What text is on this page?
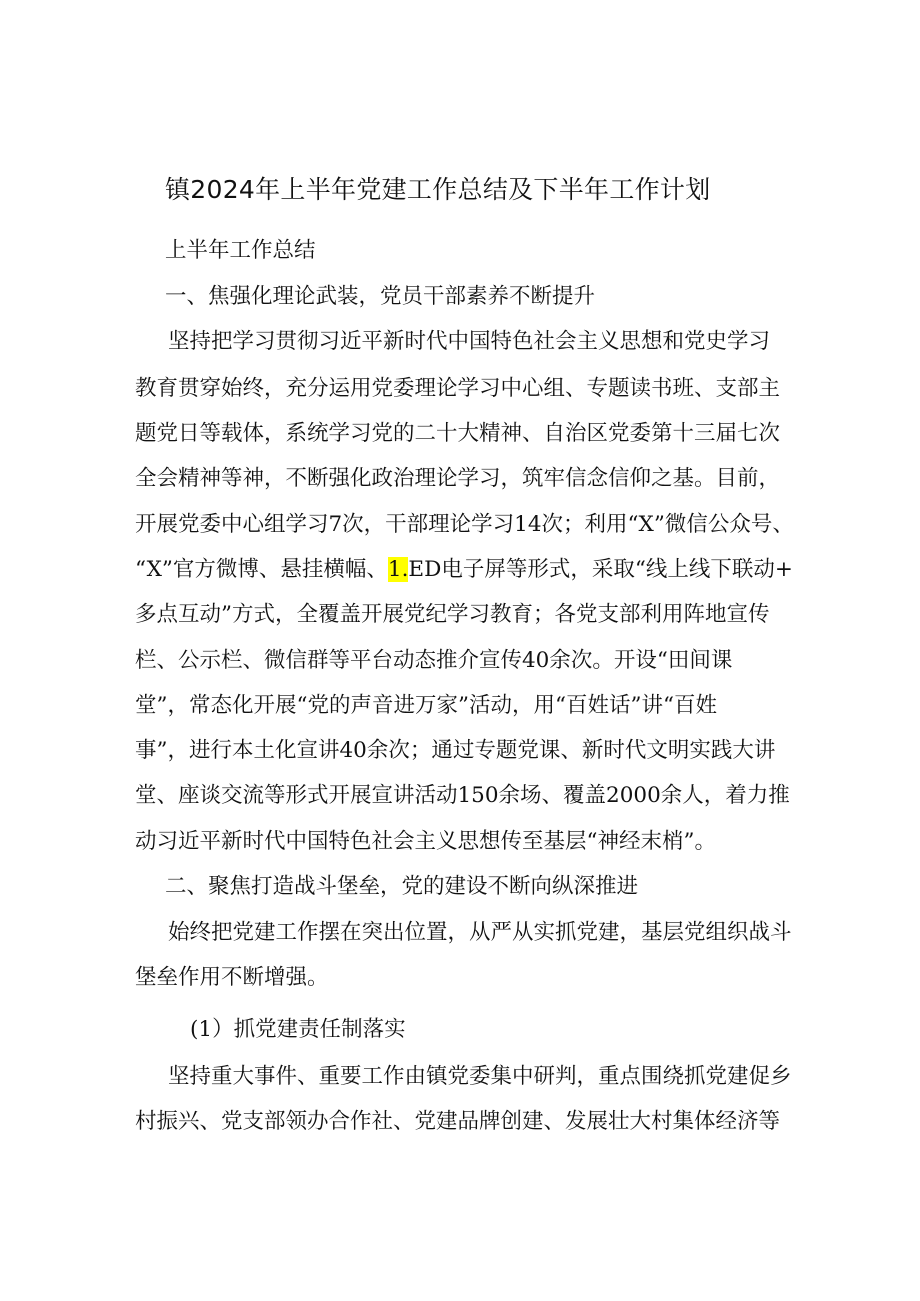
镇2024年上半年党建工作总结及下半年工作计划
上半年工作总结
一、焦强化理论武装，党员干部素养不断提升
坚持把学习贯彻习近平新时代中国特色社会主义思想和党史学习
教育贯穿始终，充分运用党委理论学习中心组、专题读书班、支部主
题党日等载体，系统学习党的二十大精神、自治区党委第十三届七次
全会精神等神，不断强化政治理论学习，筑牢信念信仰之基。目前，
开展党委中心组学习7次，干部理论学习14次；利用“X”微信公众号、
“X”官方微博、悬挂横幅、1.ED电子屏等形式，采取“线上线下联动+
多点互动”方式，全覆盖开展党纪学习教育；各党支部利用阵地宣传
栏、公示栏、微信群等平台动态推介宣传40余次。开设“田间课
堂”，常态化开展“党的声音进万家”活动，用“百姓话”讲“百姓
事”，进行本土化宣讲40余次；通过专题党课、新时代文明实践大讲
堂、座谈交流等形式开展宣讲活动150余场、覆盖2000余人，着力推
动习近平新时代中国特色社会主义思想传至基层“神经末梢”。
二、聚焦打造战斗堡垒，党的建设不断向纵深推进
始终把党建工作摆在突出位置，从严从实抓党建，基层党组织战斗
堡垒作用不断增强。
(1）抓党建责任制落实
坚持重大事件、重要工作由镇党委集中研判，重点围绕抓党建促乡
村振兴、党支部领办合作社、党建品牌创建、发展壮大村集体经济等
